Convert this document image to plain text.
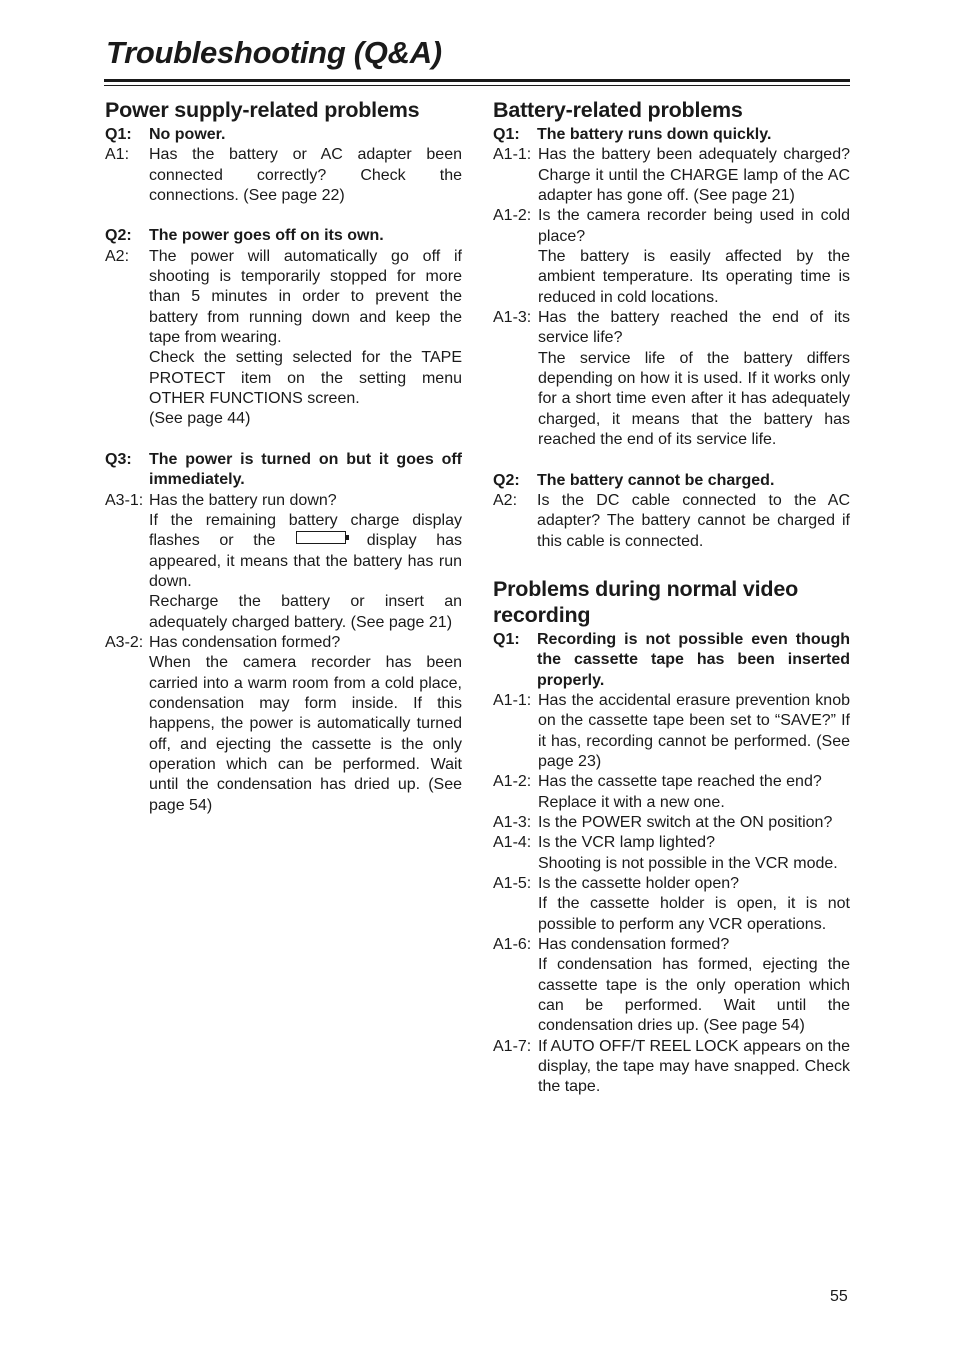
Troubleshooting (Q&A)
Power supply-related problems
Q1:	No power.

A1:	Has the battery or AC adapter been connected correctly? Check the connections. (See page 22)

Q2:	The power goes off on its own.

A2:	The power will automatically go off if shooting is temporarily stopped for more than 5 minutes in order to prevent the battery from running down and keep the tape from wearing.

Check the setting selected for the TAPE PROTECT item on the setting menu OTHER FUNCTIONS screen.

(See page 44)

Q3:	The power is turned on but it goes off immediately.

A3-1: Has the battery run down?

If the remaining battery charge display flashes or the	display has appeared, it means that the battery has run down.

Recharge the battery or insert an adequately charged battery. (See page 21)

A3-2: Has condensation formed?

When the camera recorder has been carried into a warm room from a cold place, condensation may form inside. If this happens, the power is automatically turned off, and ejecting the cassette is the only operation which can be performed. Wait until the condensation has dried up. (See page 54)

Battery-related problems
Q1:	The battery runs down quickly.

A1-1: Has the battery been adequately charged? Charge it until the CHARGE lamp of the AC adapter has gone off. (See page 21)

A1-2: Is the camera recorder being used in cold place?

The battery is easily affected by the ambient temperature. Its operating time is reduced in cold locations.

A1-3: Has the battery reached the end of its service life?

The service life of the battery differs depending on how it is used. If it works only for a short time even after it has adequately charged, it means that the battery has reached the end of its service life.

Q2:	The battery cannot be charged.

A2:	Is the DC cable connected to the AC adapter? The battery cannot be charged if this cable is connected.

Problems during normal video recording
Q1:	Recording is not possible even though the cassette tape has been inserted properly.

A1-1: Has the accidental erasure prevention knob on the cassette tape been set to “SAVE?” If it has, recording cannot be performed. (See page 23)

A1-2: Has the cassette tape reached the end?

Replace it with a new one.

A1-3: Is the POWER switch at the ON position?

A1-4: Is the VCR lamp lighted?

Shooting is not possible in the VCR mode.

A1-5: Is the cassette holder open?

If the cassette holder is open, it is not possible to perform any VCR operations.

A1-6: Has condensation formed?

If condensation has formed, ejecting the cassette tape is the only operation which can be performed. Wait until the condensation dries up. (See page 54)

A1-7: If AUTO OFF/T REEL LOCK appears on the display, the tape may have snapped. Check the tape.

55
